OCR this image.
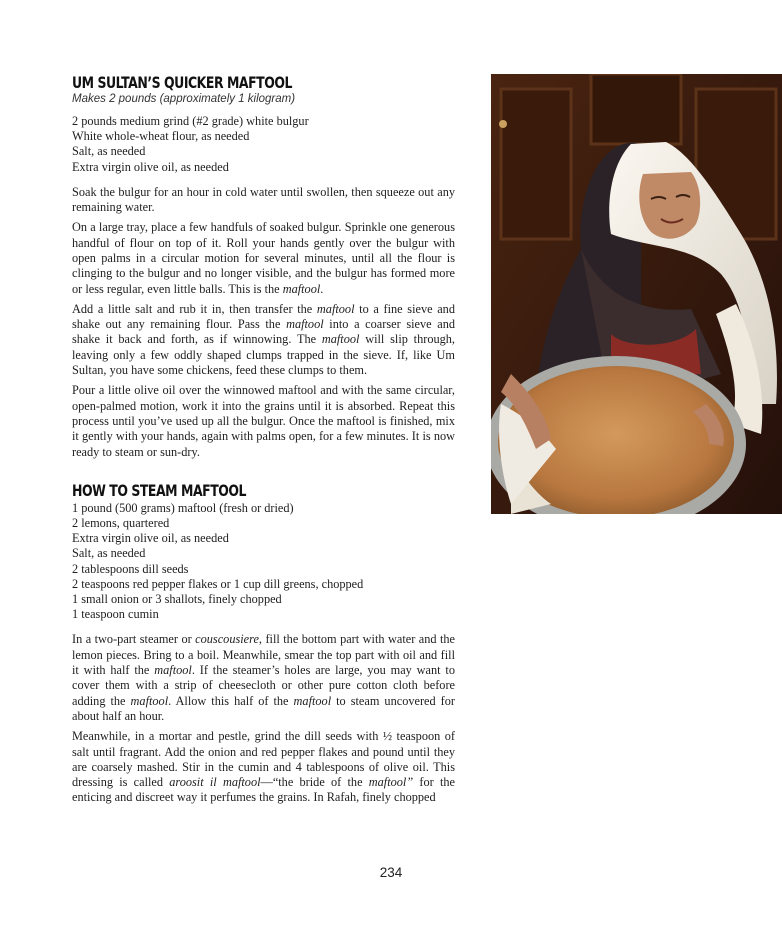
UM SULTAN’S QUICKER MAFTOOL

Makes 2 pounds (approximately 1 kilogram)

2 pounds medium grind (#2 grade) white bulgur
White whole-wheat flour, as needed
Salt, as needed
Extra virgin olive oil, as needed

Soak the bulgur for an hour in cold water until swollen, then squeeze out any remaining water.

On a large tray, place a few handfuls of soaked bulgur. Sprinkle one generous handful of flour on top of it. Roll your hands gently over the bulgur with open palms in a circular motion for several minutes, until all the flour is clinging to the bulgur and no longer visible, and the bulgur has formed more or less regular, even little balls. This is the maftool.

Add a little salt and rub it in, then transfer the maftool to a fine sieve and shake out any remaining flour. Pass the maftool into a coarser sieve and shake it back and forth, as if winnowing. The maftool will slip through, leaving only a few oddly shaped clumps trapped in the sieve. If, like Um Sultan, you have some chickens, feed these clumps to them.

Pour a little olive oil over the winnowed maftool and with the same circular, open-palmed motion, work it into the grains until it is absorbed. Repeat this process until you’ve used up all the bulgur. Once the maftool is finished, mix it gently with your hands, again with palms open, for a few minutes. It is now ready to steam or sun-dry.

HOW TO STEAM MAFTOOL
1 pound (500 grams) maftool (fresh or dried)
2 lemons, quartered
Extra virgin olive oil, as needed
Salt, as needed
2 tablespoons dill seeds
2 teaspoons red pepper flakes or 1 cup dill greens, chopped
1 small onion or 3 shallots, finely chopped
1 teaspoon cumin

In a two-part steamer or couscousiere, fill the bottom part with water and the lemon pieces. Bring to a boil. Meanwhile, smear the top part with oil and fill it with half the maftool. If the steamer’s holes are large, you may want to cover them with a strip of cheesecloth or other pure cotton cloth before adding the maftool. Allow this half of the maftool to steam uncovered for about half an hour.

Meanwhile, in a mortar and pestle, grind the dill seeds with ½ teaspoon of salt until fragrant. Add the onion and red pepper flakes and pound until they are coarsely mashed. Stir in the cumin and 4 tablespoons of olive oil. This dressing is called aroosit il maftool—“the bride of the maftool” for the enticing and discreet way it perfumes the grains. In Rafah, finely chopped

234
